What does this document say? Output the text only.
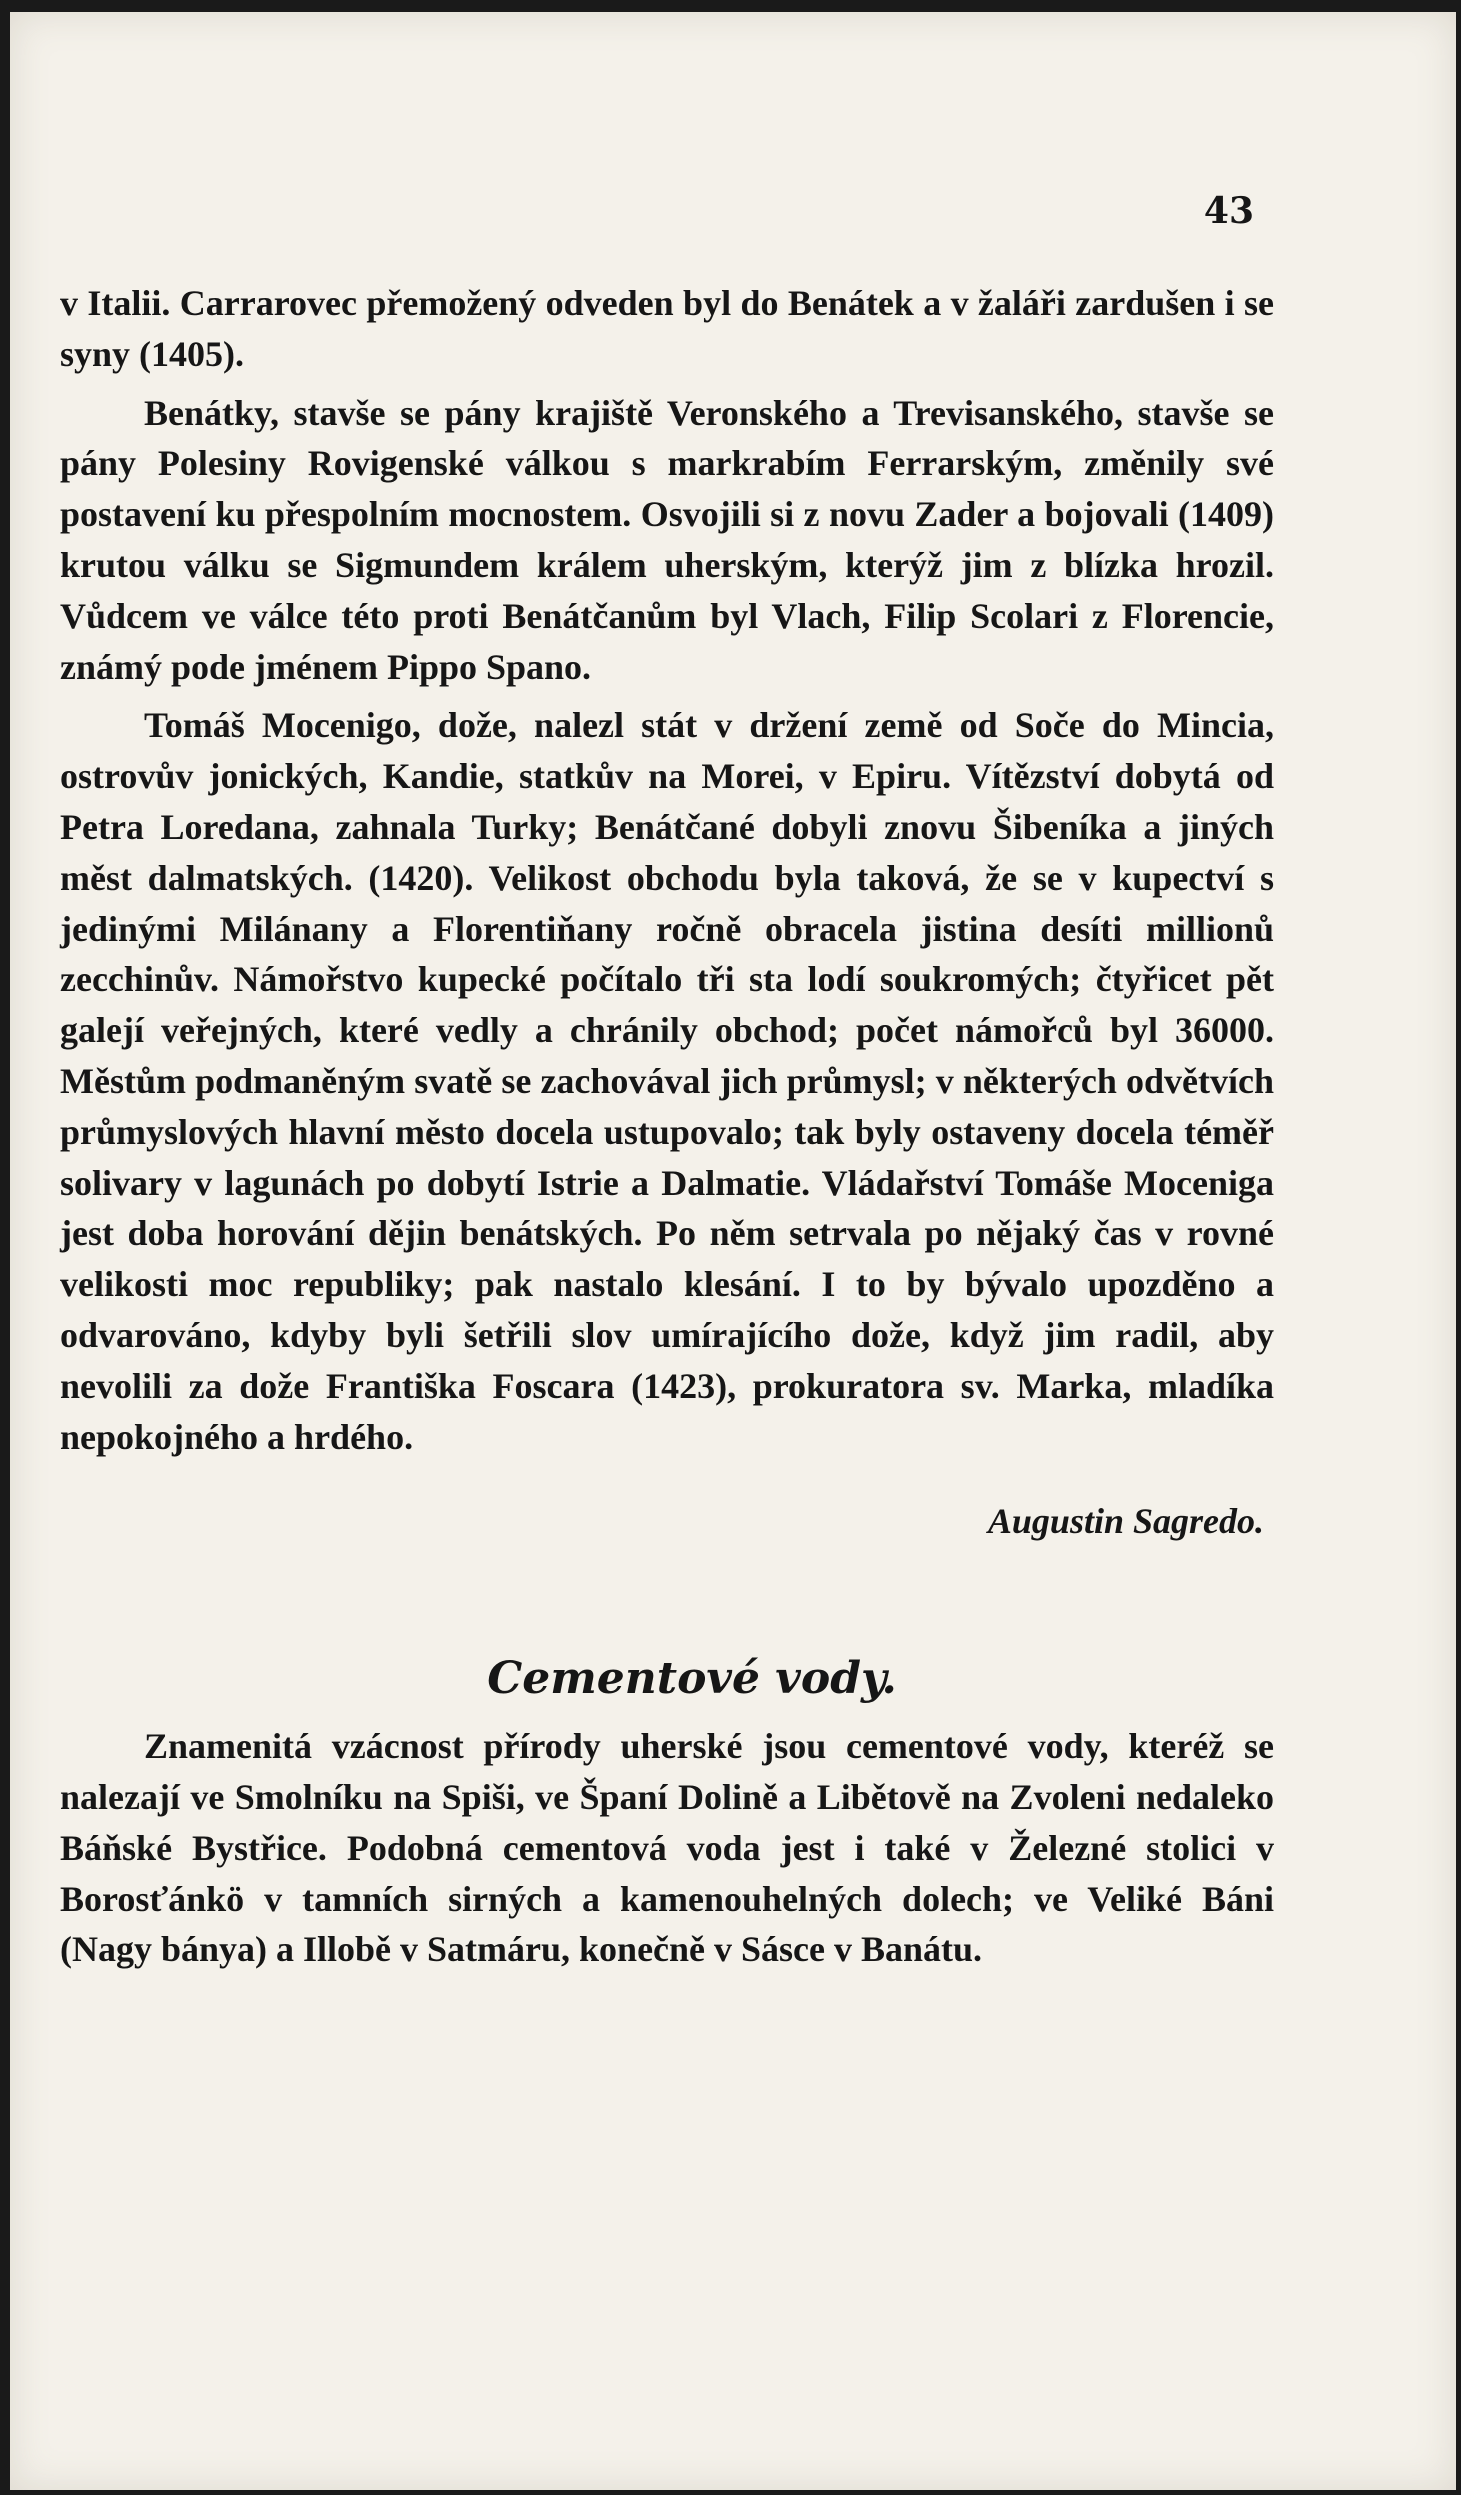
43

v Italii. Carrarovec přemožený odveden byl do Benátek a v žaláři zardušen i se syny (1405).

Benátky, stavše se pány krajiště Veronského a Trevisanského, stavše se pány Polesiny Rovigenské válkou s markrabím Ferrarským, změnily své postavení ku přespolním mocnostem. Osvojili si z novu Zader a bojovali (1409) krutou válku se Sigmundem králem uherským, kterýž jim z blízka hrozil. Vůdcem ve válce této proti Benátčanům byl Vlach, Filip Scolari z Florencie, známý pode jménem Pippo Spano.

Tomáš Mocenigo, dože, nalezl stát v držení země od Soče do Mincia, ostrovův jonických, Kandie, statkův na Morei, v Epiru. Vítězství dobytá od Petra Loredana, zahnala Turky; Benátčané dobyli znovu Šibeníka a jiných měst dalmatských. (1420). Velikost obchodu byla taková, že se v kupectví s jedinými Milánany a Florentiňany ročně obracela jistina desíti millionů zecchinův. Námořstvo kupecké počítalo tři sta lodí soukromých; čtyřicet pět galejí veřejných, které vedly a chránily obchod; počet námořců byl 36000. Městům podmaněným svatě se zachovával jich průmysl; v některých odvětvích průmyslových hlavní město docela ustupovalo; tak byly ostaveny docela téměř solivary v lagunách po dobytí Istrie a Dalmatie. Vládařství Tomáše Moceniga jest doba horování dějin benátských. Po něm setrvala po nějaký čas v rovné velikosti moc republiky; pak nastalo klesání. I to by bývalo upozděno a odvarováno, kdyby byli šetřili slov umírajícího dože, když jim radil, aby nevolili za dože Františka Foscara (1423), prokuratora sv. Marka, mladíka nepokojného a hrdého.

Augustin Sagredo.

Cementové vody.

Znamenitá vzácnost přírody uherské jsou cementové vody, kteréž se nalezají ve Smolníku na Spiši, ve Španí Dolině a Libětově na Zvoleni nedaleko Báňské Bystřice. Podobná cementová voda jest i také v Železné stolici v Borosťánkö v tamních sirných a kamenouhelných dolech; ve Veliké Báni (Nagy bánya) a Illobě v Satmáru, konečně v Sásce v Banátu.
